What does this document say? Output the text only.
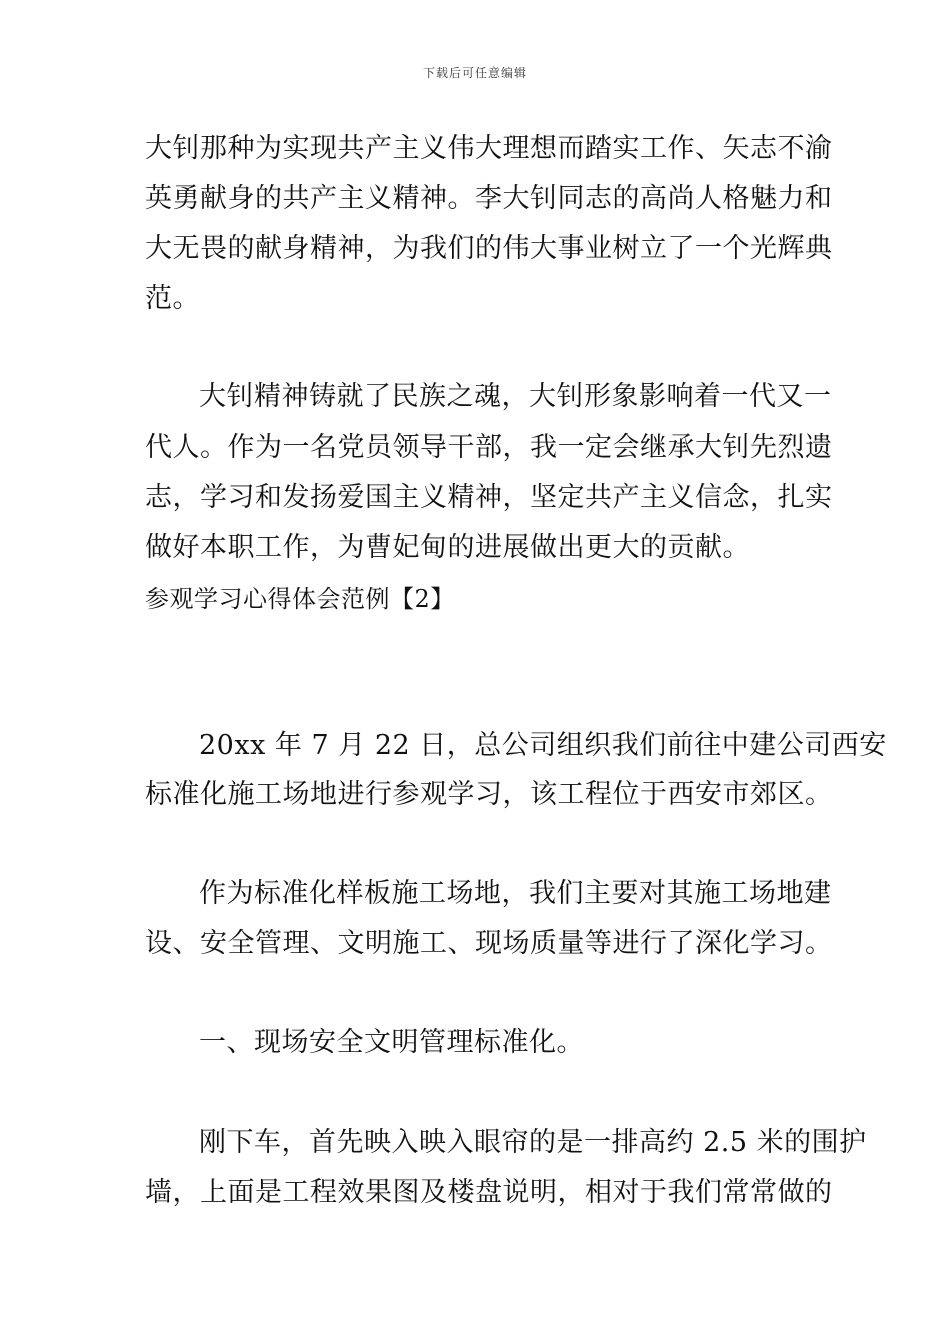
下载后可任意编辑
大钊那种为实现共产主义伟大理想而踏实工作、矢志不渝
英勇献身的共产主义精神。李大钊同志的高尚人格魅力和
大无畏的献身精神，为我们的伟大事业树立了一个光辉典
范。
大钊精神铸就了民族之魂，大钊形象影响着一代又一
代人。作为一名党员领导干部，我一定会继承大钊先烈遗
志，学习和发扬爱国主义精神，坚定共产主义信念，扎实
做好本职工作，为曹妃甸的进展做出更大的贡献。
参观学习心得体会范例【2】
20xx 年 7 月 22 日，总公司组织我们前往中建公司西安
标准化施工场地进行参观学习，该工程位于西安市郊区。
作为标准化样板施工场地，我们主要对其施工场地建
设、安全管理、文明施工、现场质量等进行了深化学习。
一、现场安全文明管理标准化。
刚下车，首先映入映入眼帘的是一排高约 2.5 米的围护
墙，上面是工程效果图及楼盘说明，相对于我们常常做的
